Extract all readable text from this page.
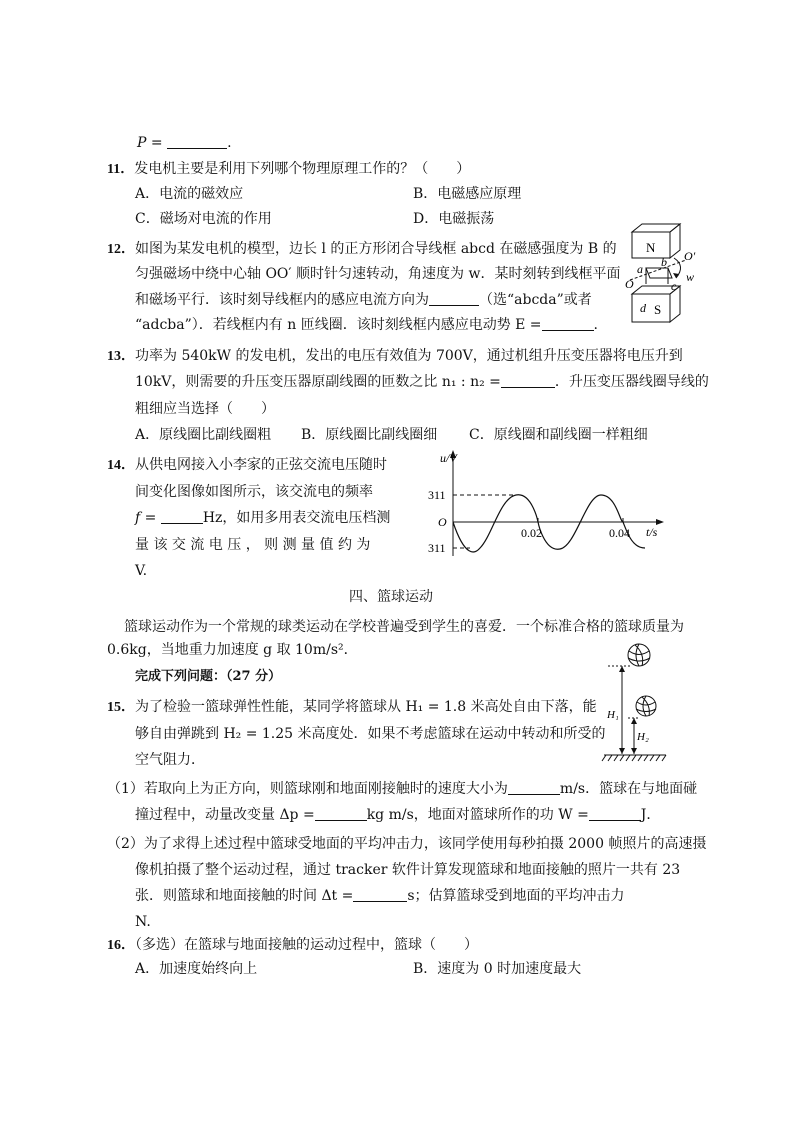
P =	.
11．发电机主要是利用下列哪个物理原理工作的？（　　）
A．电流的磁效应	B．电磁感应原理
C．磁场对电流的作用	D．电磁振荡
12．如图为某发电机的模型，边长 l 的正方形闭合导线框 abcd 在磁感强度为 B 的
匀强磁场中绕中心轴 OO′ 顺时针匀速转动，角速度为 w．某时刻转到线框平面
和磁场平行．该时刻导线框内的感应电流方向为	（选“abcda”或者
“adcba”）．若线框内有 n 匝线圈．该时刻线框内感应电动势 E =	.
N
b
a
c
d S
O
O′
w
13．功率为 540kW 的发电机，发出的电压有效值为 700V，通过机组升压变压器将电压升到
10kV，则需要的升压变压器原副线圈的匝数之比 n₁ : n₂ =	．升压变压器线圈导线的
粗细应当选择（　　）
A．原线圈比副线圈粗 B．原线圈比副线圈细 C．原线圈和副线圈一样粗细
14．从供电网接入小李家的正弦交流电压随时
间变化图像如图所示，该交流电的频率
f =	Hz，如用多用表交流电压档测
量 该 交 流 电 压 ， 则 测 量 值 约 为
V.
u/V
311
311
O
0.02	0.04 t/s
四、篮球运动
篮球运动作为一个常规的球类运动在学校普遍受到学生的喜爱．一个标准合格的篮球质量为
0.6kg，当地重力加速度 g 取 10m/s²．
完成下列问题：（27 分）
H₁
H₂
15．为了检验一篮球弹性性能，某同学将篮球从 H₁ = 1.8 米高处自由下落，能
够自由弹跳到 H₂ = 1.25 米高度处．如果不考虑篮球在运动中转动和所受的
空气阻力．
（1）若取向上为正方向，则篮球刚和地面刚接触时的速度大小为	m/s．篮球在与地面碰
撞过程中，动量改变量 Δp =	kg m/s，地面对篮球所作的功 W =	J．
（2）为了求得上述过程中篮球受地面的平均冲击力，该同学使用每秒拍摄 2000 帧照片的高速摄
像机拍摄了整个运动过程，通过 tracker 软件计算发现篮球和地面接触的照片一共有 23
张．则篮球和地面接触的时间 Δt =	s；估算篮球受到地面的平均冲击力
N.
16．（多选）在篮球与地面接触的运动过程中，篮球（　　）
A．加速度始终向上	B．速度为 0 时加速度最大
